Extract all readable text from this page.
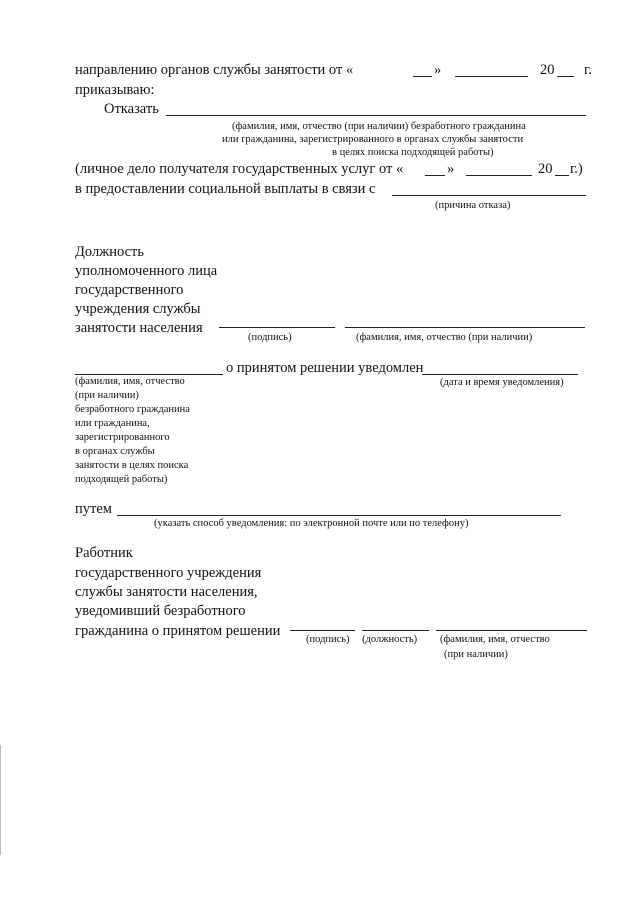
направлению органов службы занятости от «	»	20 г.
приказываю:
Отказать
(фамилия, имя, отчество (при наличии) безработного гражданина
или гражданина, зарегистрированного в органах службы занятости
в целях поиска подходящей работы)
(личное дело получателя государственных услуг от «	»	20 г.)
в предоставлении социальной выплаты в связи с
(причина отказа)
Должность
уполномоченного лица
государственного
учреждения службы
занятости населения
(подпись)	(фамилия, имя, отчество (при наличии)
о принятом решении уведомлен
(дата и время уведомления)
(фамилия, имя, отчество
(при наличии)
безработного гражданина
или гражданина,
зарегистрированного
в органах службы
занятости в целях поиска
подходящей работы)
путем
(указать способ уведомления: по электронной почте или по телефону)
Работник
государственного учреждения
службы занятости населения,
уведомивший безработного
гражданина о принятом решении
(подпись) (должность) (фамилия, имя, отчество
(при наличии)
